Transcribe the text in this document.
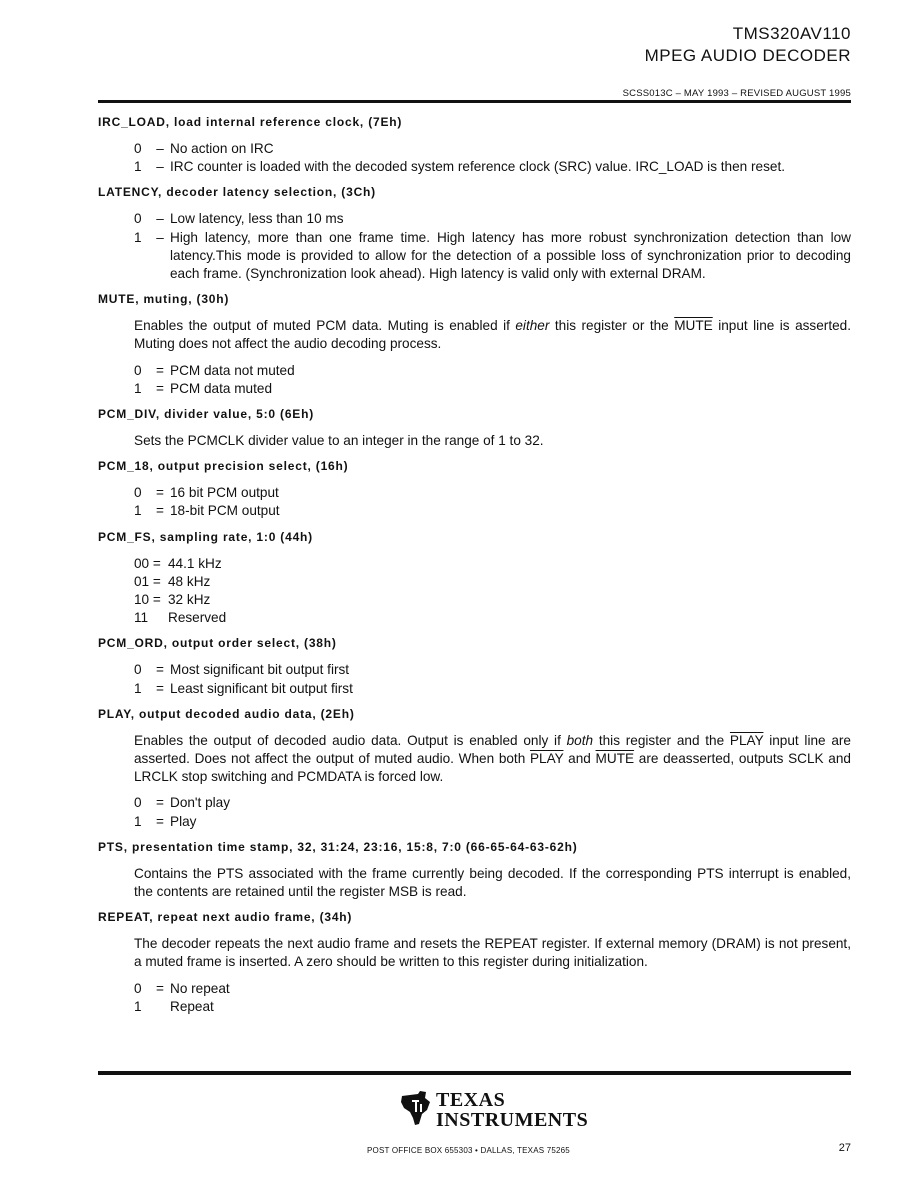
TMS320AV110
MPEG AUDIO DECODER
SCSS013C – MAY 1993 – REVISED AUGUST 1995
IRC_LOAD, load internal reference clock, (7Eh)
0	– No action on IRC
1	– IRC counter is loaded with the decoded system reference clock (SRC) value. IRC_LOAD is then reset.
LATENCY, decoder latency selection, (3Ch)
0	– Low latency, less than 10 ms
1	– High latency, more than one frame time. High latency has more robust synchronization detection than low latency.This mode is provided to allow for the detection of a possible loss of synchronization prior to decoding each frame. (Synchronization look ahead). High latency is valid only with external DRAM.
MUTE, muting, (30h)
Enables the output of muted PCM data. Muting is enabled if either this register or the MUTE input line is asserted. Muting does not affect the audio decoding process.
0	= PCM data not muted
1	= PCM data muted
PCM_DIV, divider value, 5:0 (6Eh)
Sets the PCMCLK divider value to an integer in the range of 1 to 32.
PCM_18, output precision select, (16h)
0	= 16 bit PCM output
1	= 18-bit PCM output
PCM_FS, sampling rate, 1:0 (44h)
00 = 44.1 kHz
01 = 48 kHz
10 = 32 kHz
11	Reserved
PCM_ORD, output order select, (38h)
0	= Most significant bit output first
1	= Least significant bit output first
PLAY, output decoded audio data, (2Eh)
Enables the output of decoded audio data. Output is enabled only if both this register and the PLAY input line are asserted. Does not affect the output of muted audio. When both PLAY and MUTE are deasserted, outputs SCLK and LRCLK stop switching and PCMDATA is forced low.
0	= Don't play
1	= Play
PTS, presentation time stamp, 32, 31:24, 23:16, 15:8, 7:0 (66-65-64-63-62h)
Contains the PTS associated with the frame currently being decoded. If the corresponding PTS interrupt is enabled, the contents are retained until the register MSB is read.
REPEAT, repeat next audio frame, (34h)
The decoder repeats the next audio frame and resets the REPEAT register. If external memory (DRAM) is not present, a muted frame is inserted. A zero should be written to this register during initialization.
0	= No repeat
1	Repeat
TEXAS
INSTRUMENTS
POST OFFICE BOX 655303 • DALLAS, TEXAS 75265	27
